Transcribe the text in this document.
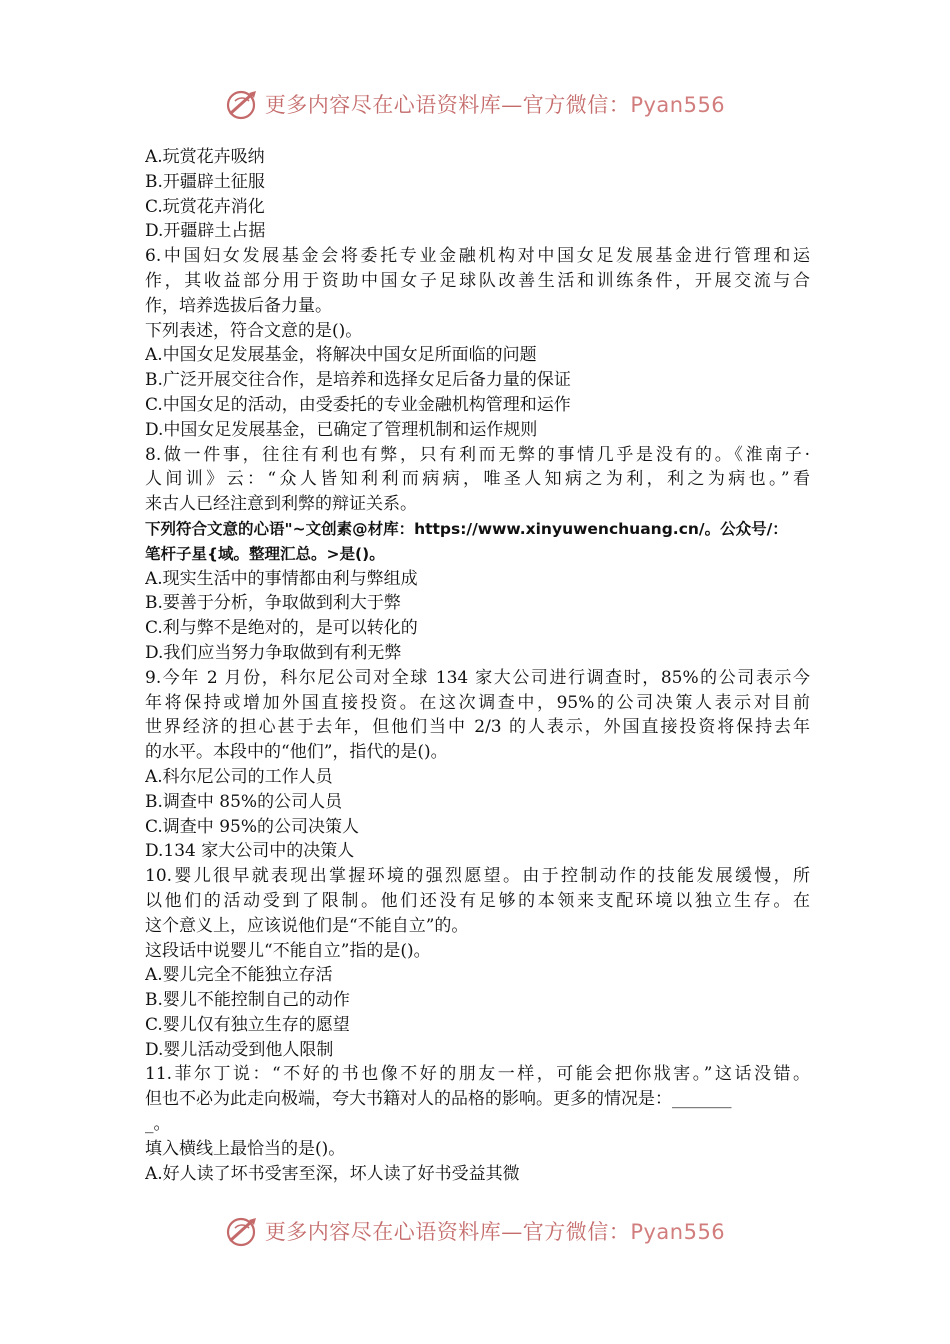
更多内容尽在心语资料库—官方微信：Pyan556
A.玩赏花卉吸纳
B.开疆辟土征服
C.玩赏花卉消化
D.开疆辟土占据
6.中国妇女发展基金会将委托专业金融机构对中国女足发展基金进行管理和运
作，其收益部分用于资助中国女子足球队改善生活和训练条件，开展交流与合
作，培养选拔后备力量。
下列表述，符合文意的是()。
A.中国女足发展基金，将解决中国女足所面临的问题
B.广泛开展交往合作，是培养和选择女足后备力量的保证
C.中国女足的活动，由受委托的专业金融机构管理和运作
D.中国女足发展基金，已确定了管理机制和运作规则
8.做一件事，往往有利也有弊，只有利而无弊的事情几乎是没有的。《淮南子·
人间训》云：“众人皆知利利而病病，唯圣人知病之为利，利之为病也。”看
来古人已经注意到利弊的辩证关系。
下列符合文意的心语"~文创素@材库：https://www.xinyuwenchuang.cn/。公众号/：
笔杆子星{域。整理汇总。>是()。
A.现实生活中的事情都由利与弊组成
B.要善于分析，争取做到利大于弊
C.利与弊不是绝对的，是可以转化的
D.我们应当努力争取做到有利无弊
9.今年 2 月份，科尔尼公司对全球 134 家大公司进行调查时，85%的公司表示今
年将保持或增加外国直接投资。在这次调查中，95%的公司决策人表示对目前
世界经济的担心甚于去年，但他们当中 2/3 的人表示，外国直接投资将保持去年
的水平。本段中的“他们”，指代的是()。
A.科尔尼公司的工作人员
B.调查中 85%的公司人员
C.调查中 95%的公司决策人
D.134 家大公司中的决策人
10.婴儿很早就表现出掌握环境的强烈愿望。由于控制动作的技能发展缓慢，所
以他们的活动受到了限制。他们还没有足够的本领来支配环境以独立生存。在
这个意义上，应该说他们是“不能自立”的。
这段话中说婴儿“不能自立”指的是()。
A.婴儿完全不能独立存活
B.婴儿不能控制自己的动作
C.婴儿仅有独立生存的愿望
D.婴儿活动受到他人限制
11.菲尔丁说：“不好的书也像不好的朋友一样，可能会把你戕害。”这话没错。
但也不必为此走向极端，夸大书籍对人的品格的影响。更多的情况是：_______
_。
填入横线上最恰当的是()。
A.好人读了坏书受害至深，坏人读了好书受益其微
更多内容尽在心语资料库—官方微信：Pyan556
